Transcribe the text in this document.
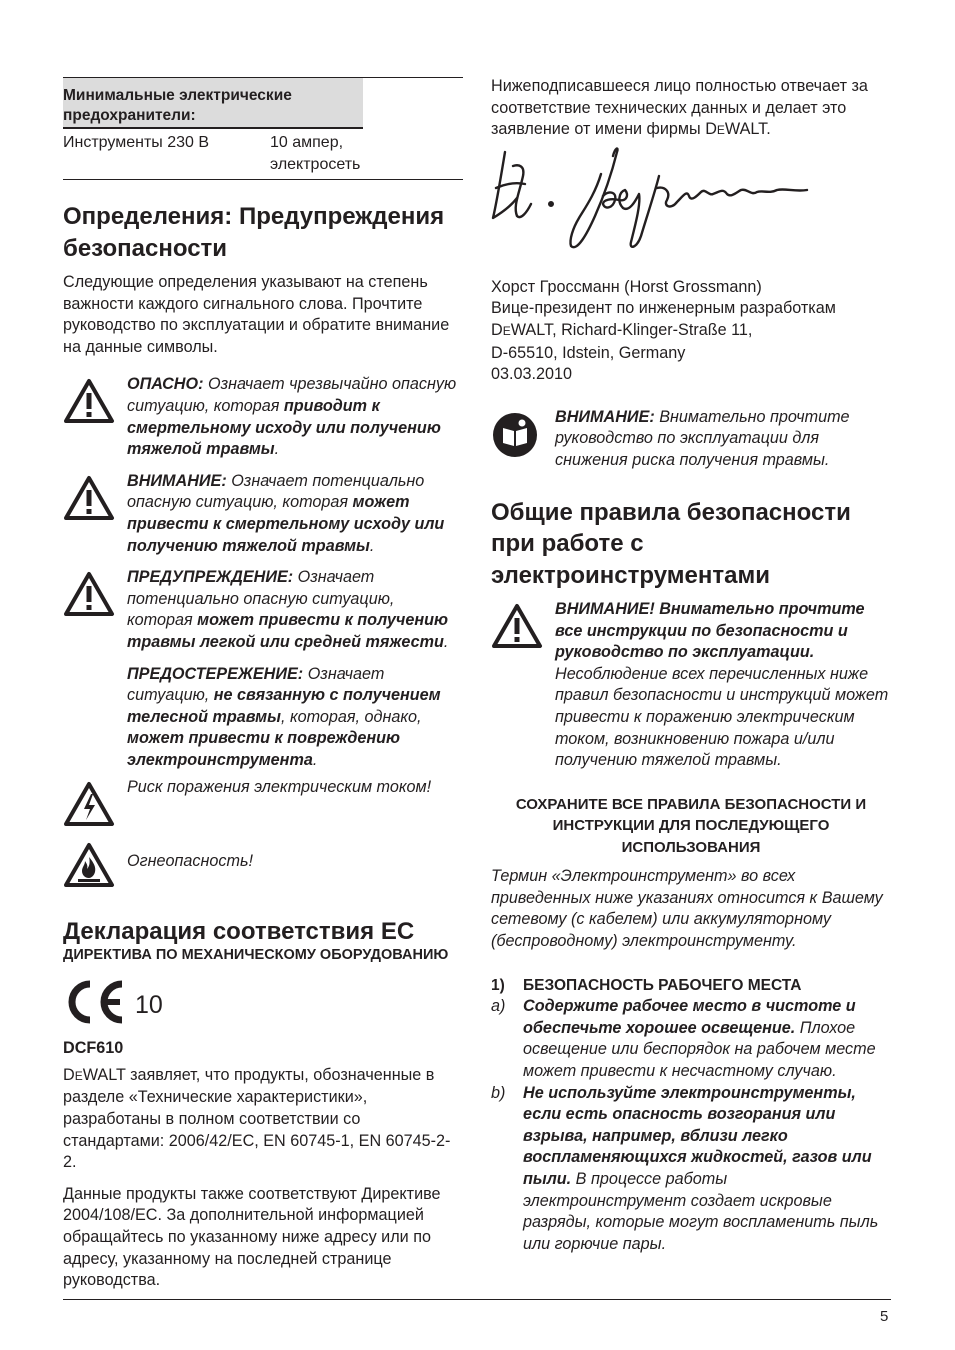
Минимальные электрические предохранители:
Инструменты 230 В	10 ампер, электросеть
Определения: Предупреждения безопасности

Следующие определения указывают на степень важности каждого сигнального слова. Прочтите руководство по эксплуатации и обратите внимание на данные символы.

ОПАСНО: Означает чрезвычайно опасную ситуацию, которая приводит к смертельному исходу или получению тяжелой травмы.
ВНИМАНИЕ: Означает потенциально опасную ситуацию, которая может привести к смертельному исходу или получению тяжелой травмы.
ПРЕДУПРЕЖДЕНИЕ: Означает потенциально опасную ситуацию, которая может привести к получению травмы легкой или средней тяжести.
ПРЕДОСТЕРЕЖЕНИЕ: Означает ситуацию, не связанную с получением телесной травмы, которая, однако, может привести к повреждению электроинструмента.
Риск поражения электрическим током!
Огнеопасность!
Декларация соответствия ЕС

ДИРЕКТИВА ПО МЕХАНИЧЕСКОМУ ОБОРУДОВАНИЮ

10

DCF610

DEWALT заявляет, что продукты, обозначенные в разделе «Технические характеристики», разработаны в полном соответствии со стандартами: 2006/42/EC, EN 60745-1, EN 60745-2-2.

Данные продукты также соответствуют Директиве 2004/108/EC. За дополнительной информацией обращайтесь по указанному ниже адресу или по адресу, указанному на последней странице руководства.

Нижеподписавшееся лицо полностью отвечает за соответствие технических данных и делает это заявление от имени фирмы DEWALT.

Хорст Гроссманн (Horst Grossmann)

Вице-президент по инженерным разработкам

DEWALT, Richard-Klinger-Straße 11,

D-65510, Idstein, Germany

03.03.2010

ВНИМАНИЕ: Внимательно прочтите руководство по эксплуатации для снижения риска получения травмы.
Общие правила безопасности при работе с электроинструментами
ВНИМАНИЕ! Внимательно прочтите все инструкции по безопасности и руководство по эксплуатации. Несоблюдение всех перечисленных ниже правил безопасности и инструкций может привести к поражению электрическим током, возникновению пожара и/или получению тяжелой травмы.

СОХРАНИТЕ ВСЕ ПРАВИЛА БЕЗОПАСНОСТИ И ИНСТРУКЦИИ ДЛЯ ПОСЛЕДУЮЩЕГО ИСПОЛЬЗОВАНИЯ

Термин «Электроинструмент» во всех приведенных ниже указаниях относится к Вашему сетевому (с кабелем) или аккумуляторному (беспроводному) электроинструменту.

1)	БЕЗОПАСНОСТЬ РАБОЧЕГО МЕСТА
a)	Содержите рабочее место в чистоте и обеспечьте хорошее освещение. Плохое освещение или беспорядок на рабочем месте может привести к несчастному случаю.
b)	Не используйте электроинструменты, если есть опасность возгорания или взрыва, например, вблизи легко воспламеняющихся жидкостей, газов или пыли. В процессе работы электроинструмент создает искровые разряды, которые могут воспламенить пыль или горючие пары.
5
